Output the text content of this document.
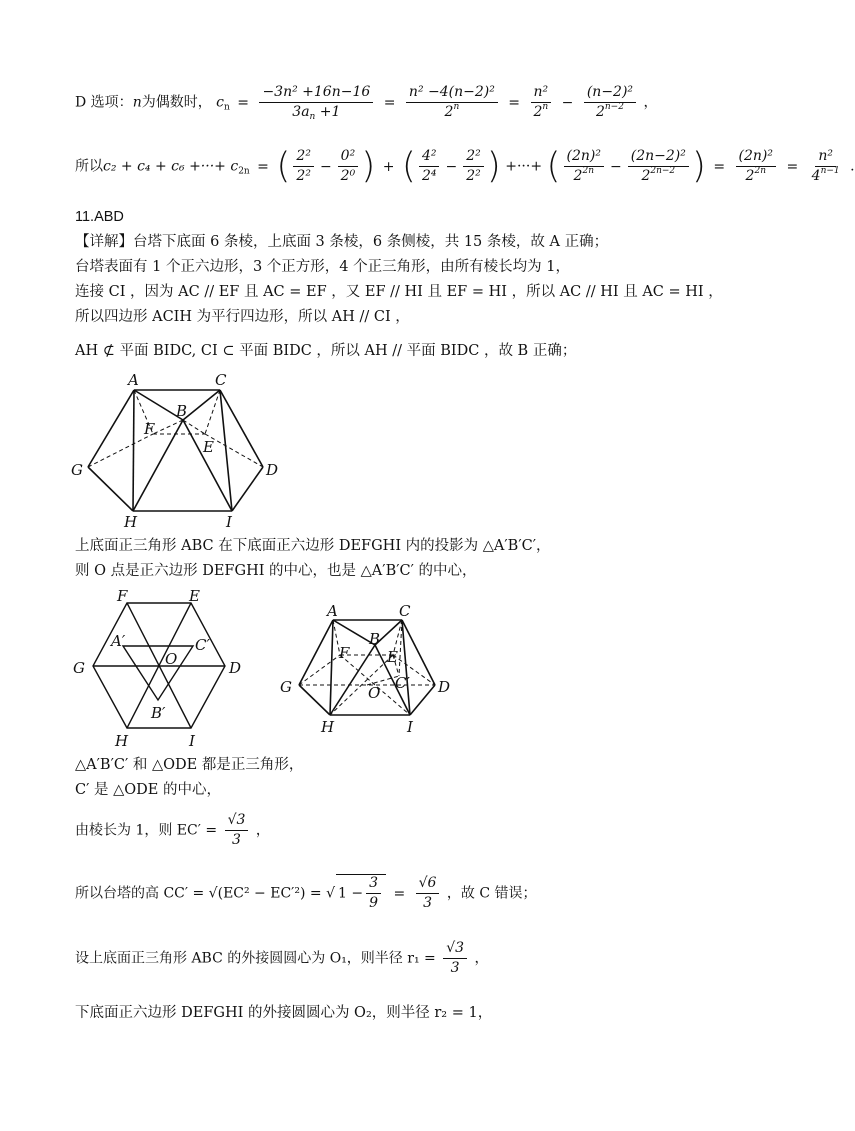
D 选项：n为偶数时， $c_n = \frac{\text{−3n² +16n−16}}{3a_n +1} = \frac{\text{n² −4(n−2)²}}{2^n} = \frac{\text{n²}}{2^n} - \frac{\text{(n−2)²}}{2^{n-2}}$ ，
所以c₂ + c₄ + c₆ +···+ $c_{2n}$ = ( $\frac{\text{2²}}{\text{2²}} - \frac{\text{0²}}{\text{2⁰}}$ ) + ( $\frac{\text{4²}}{\text{2⁴}} - \frac{\text{2²}}{\text{2²}}$ ) +···+ ( $\frac{\text{(2n)²}}{2^{2n}} - \frac{\text{(2n−2)²}}{2^{2n-2}}$ ) = $\frac{\text{(2n)²}}{2^{2n}} = \frac{\text{n²}}{4^{n-1}}$ .
11.ABD
【详解】台塔下底面 6 条棱，上底面 3 条棱，6 条侧棱，共 15 条棱，故 A 正确；
台塔表面有 1 个正六边形，3 个正方形，4 个正三角形，由所有棱长均为 1，
连接 CI ，因为 AC // EF 且 AC = EF ，又 EF // HI 且 EF = HI ，所以 AC // HI 且 AC = HI ，
所以四边形 ACIH 为平行四边形，所以 AH // CI ，
AH ⊄ 平面 BIDC, CI ⊂ 平面 BIDC ，所以 AH // 平面 BIDC ，故 B 正确；
A	C
B
F
E
G	D
H	I
上底面正三角形 ABC 在下底面正六边形 DEFGHI 内的投影为 △A′B′C′，
则 O 点是正六边形 DEFGHI 的中心，也是 △A′B′C′ 的中心，
F	E
A′	C′
O
G	D
B′
H	I
A	C
B
F	E
C′
O
G	D
H	I
△A′B′C′ 和 △ODE 都是正三角形，
C′ 是 △ODE 的中心，
由棱长为 1，则 $EC' = \frac{√3}{3}$ ，
所以台塔的高 CC′ = √(EC² − EC′²) = √ $1 - \frac{3}{9} = \frac{√6}{3}$ ，故 C 错误；
设上底面正三角形 ABC 的外接圆圆心为 O₁，则半径 $r_1 = \frac{√3}{3}$ ，
下底面正六边形 DEFGHI 的外接圆圆心为 O₂，则半径 r₂ = 1，
